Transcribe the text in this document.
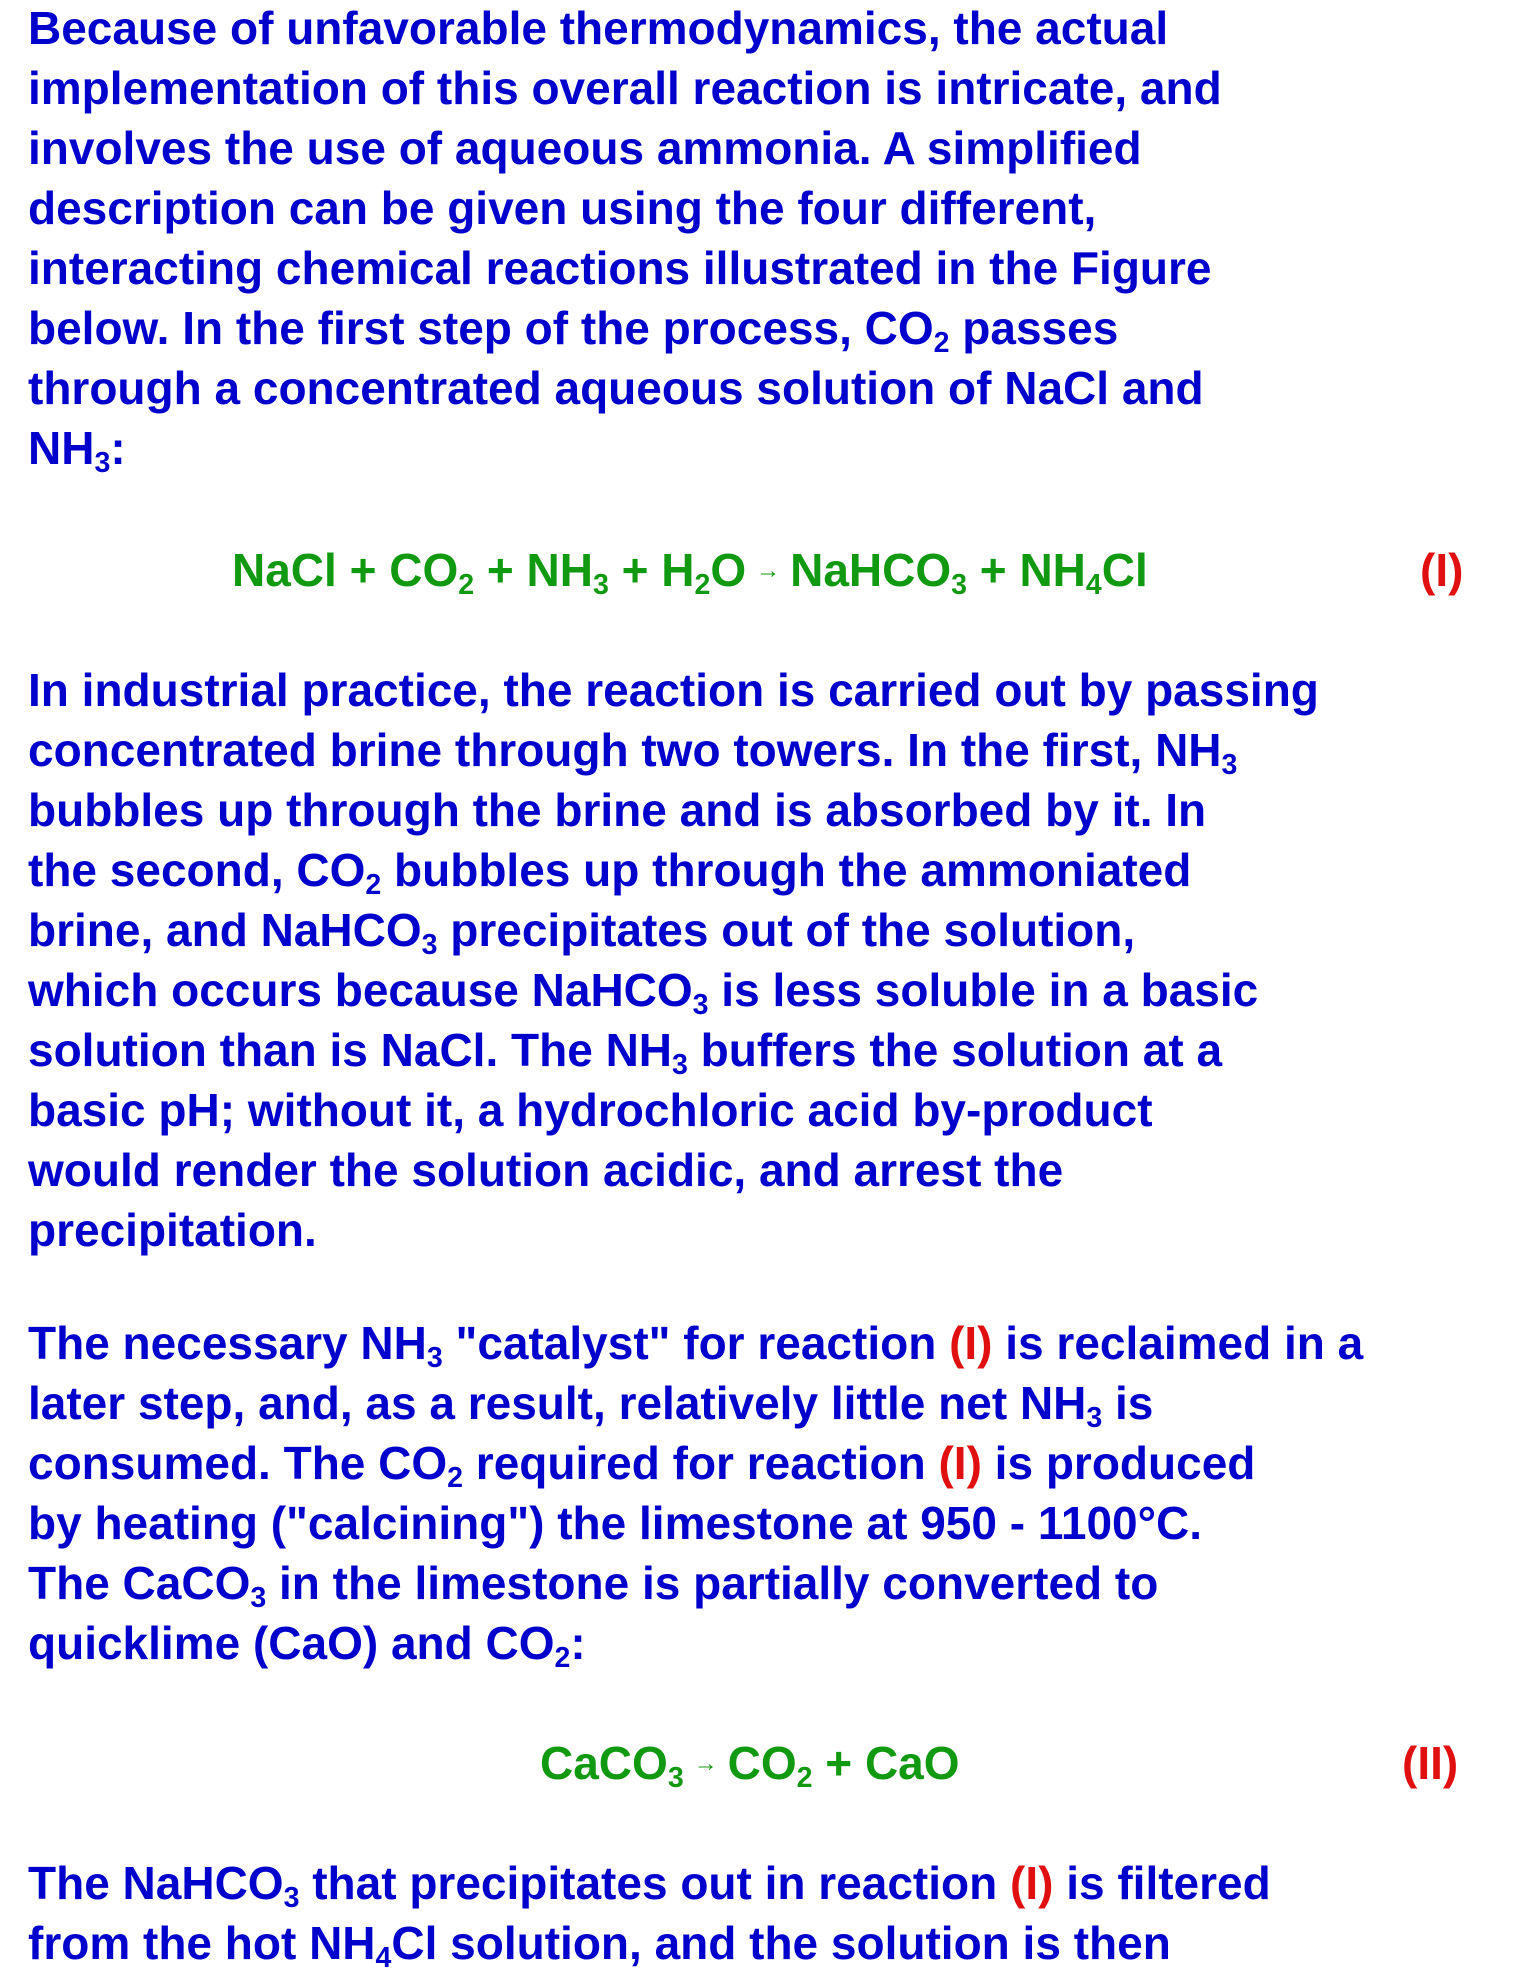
Because of unfavorable thermodynamics, the actual
implementation of this overall reaction is intricate, and
involves the use of aqueous ammonia. A simplified
description can be given using the four different,
interacting chemical reactions illustrated in the Figure
below. In the first step of the process, $CO_2$ passes
through a concentrated aqueous solution of NaCl and
$NH_3$:
NaCl + $CO_2 + NH_3 + H_2O$ → NaHCO$_3$ + $NH_4Cl$	(I)
In industrial practice, the reaction is carried out by passing
concentrated brine through two towers. In the first, $NH_3$
bubbles up through the brine and is absorbed by it. In
the second, $CO_2$ bubbles up through the ammoniated
brine, and NaHCO$_3$ precipitates out of the solution,
which occurs because NaHCO$_3$ is less soluble in a basic
solution than is NaCl. The $NH_3$ buffers the solution at a
basic pH; without it, a hydrochloric acid by-product
would render the solution acidic, and arrest the
precipitation.
The necessary $NH_3$ "catalyst" for reaction (I) is reclaimed in a
later step, and, as a result, relatively little net $NH_3$ is
consumed. The $CO_2$ required for reaction (I) is produced
by heating ("calcining") the limestone at 950 - 1100°C.
The CaCO$_3$ in the limestone is partially converted to
quicklime (CaO) and $CO_2$:
CaCO$_3$ → $CO_2$ + CaO	(II)
The NaHCO$_3$ that precipitates out in reaction (I) is filtered
from the hot $NH_4Cl$ solution, and the solution is then
